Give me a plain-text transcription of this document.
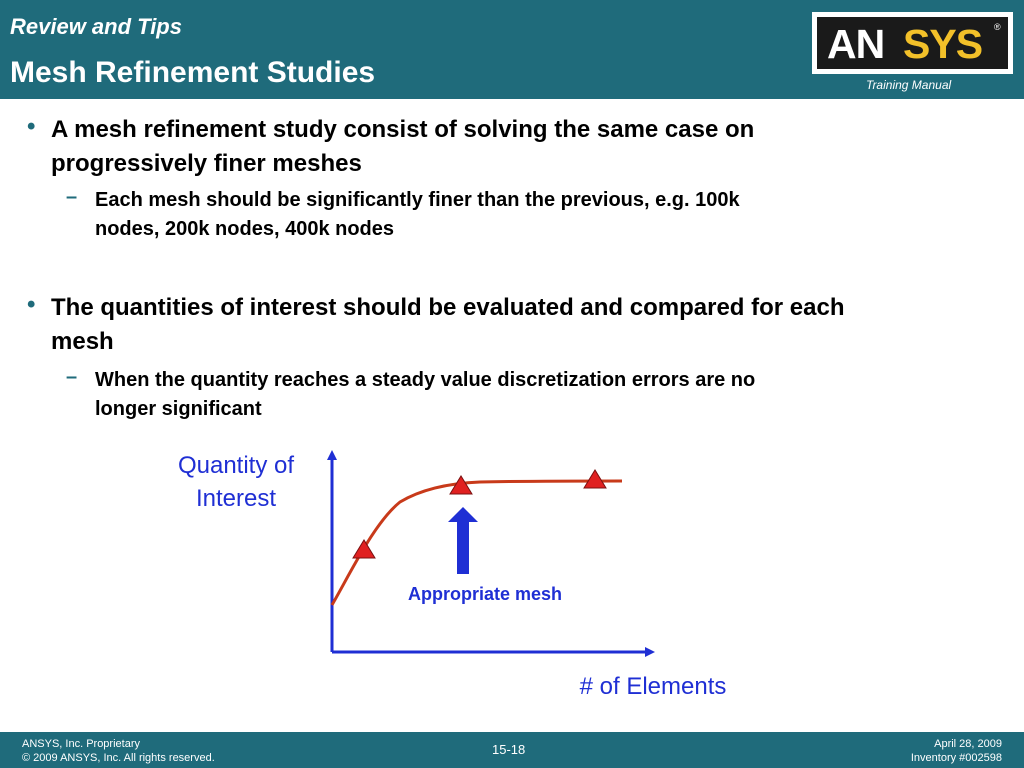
Review and Tips
Mesh Refinement Studies
AN SYS ®
Training Manual
• A mesh refinement study consist of solving the same case on
progressively finer meshes
– Each mesh should be significantly finer than the previous, e.g. 100k
nodes, 200k nodes, 400k nodes
• The quantities of interest should be evaluated and compared for each
mesh
– When the quantity reaches a steady value discretization errors are no
longer significant
Quantity of
Interest
# of Elements
Appropriate mesh
ANSYS, Inc. Proprietary
© 2009 ANSYS, Inc. All rights reserved.
15-18	April 28, 2009
Inventory #002598
